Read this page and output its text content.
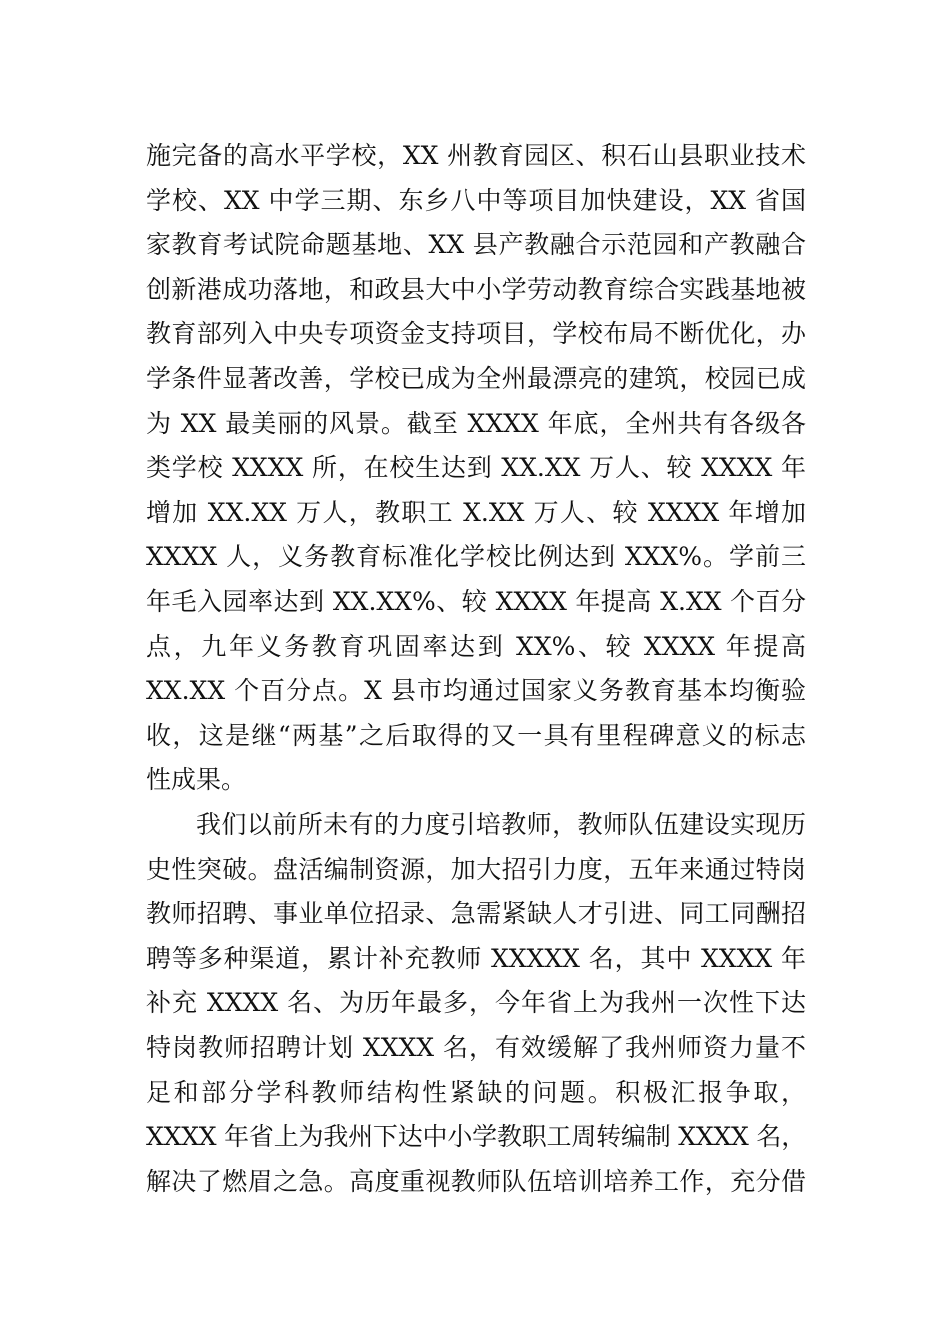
施完备的高水平学校，XX 州教育园区、积石山县职业技术
学校、XX 中学三期、东乡八中等项目加快建设，XX 省国
家教育考试院命题基地、XX 县产教融合示范园和产教融合
创新港成功落地，和政县大中小学劳动教育综合实践基地被
教育部列入中央专项资金支持项目，学校布局不断优化，办
学条件显著改善，学校已成为全州最漂亮的建筑，校园已成
为 XX 最美丽的风景。截至 XXXX 年底，全州共有各级各
类学校 XXXX 所，在校生达到 XX.XX 万人、较 XXXX 年
增加 XX.XX 万人，教职工 X.XX 万人、较 XXXX 年增加
XXXX 人，义务教育标准化学校比例达到 XXX%。学前三
年毛入园率达到 XX.XX%、较 XXXX 年提高 X.XX 个百分
点，九年义务教育巩固率达到 XX%、较 XXXX 年提高
XX.XX 个百分点。X 县市均通过国家义务教育基本均衡验
收，这是继“两基”之后取得的又一具有里程碑意义的标志
性成果。
我们以前所未有的力度引培教师，教师队伍建设实现历
史性突破。盘活编制资源，加大招引力度，五年来通过特岗
教师招聘、事业单位招录、急需紧缺人才引进、同工同酬招
聘等多种渠道，累计补充教师 XXXXX 名，其中 XXXX 年
补充 XXXX 名、为历年最多，今年省上为我州一次性下达
特岗教师招聘计划 XXXX 名，有效缓解了我州师资力量不
足和部分学科教师结构性紧缺的问题。积极汇报争取，
XXXX 年省上为我州下达中小学教职工周转编制 XXXX 名，
解决了燃眉之急。高度重视教师队伍培训培养工作，充分借
